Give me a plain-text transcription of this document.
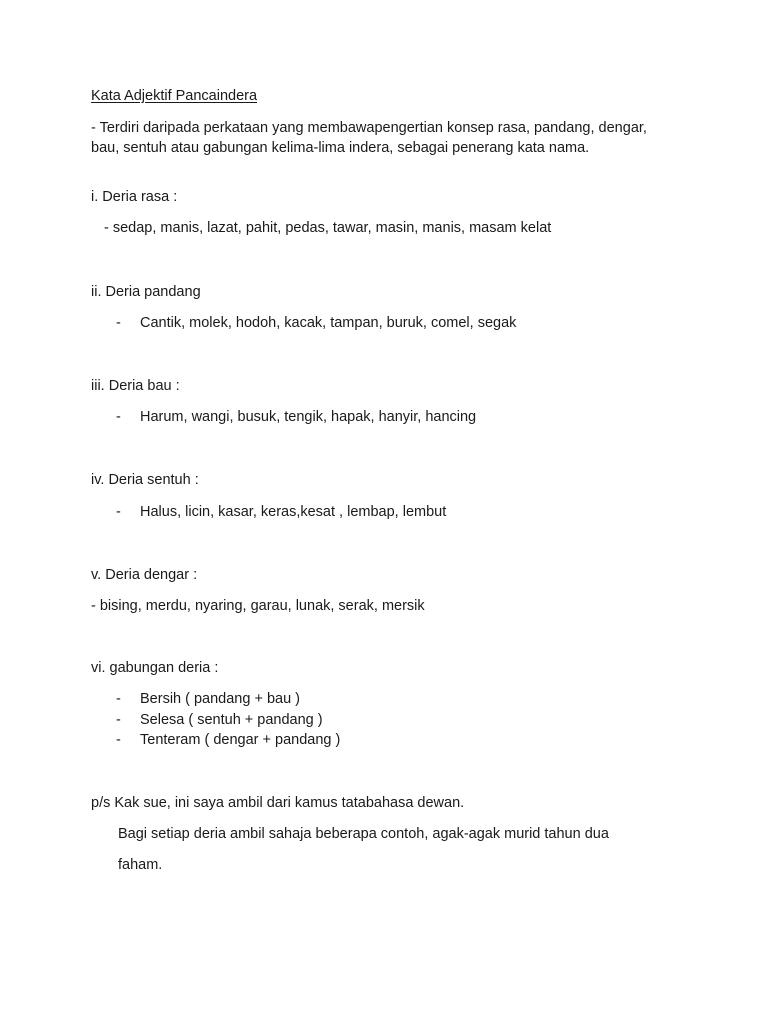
Kata Adjektif Pancaindera
- Terdiri daripada perkataan yang membawapengertian konsep rasa, pandang, dengar, bau, sentuh atau gabungan kelima-lima indera, sebagai penerang kata nama.
i. Deria rasa :
- sedap, manis, lazat, pahit, pedas, tawar, masin, manis, masam kelat
ii. Deria pandang
- Cantik, molek, hodoh, kacak, tampan, buruk, comel, segak
iii. Deria bau :
- Harum, wangi, busuk, tengik, hapak, hanyir, hancing
iv. Deria sentuh :
- Halus, licin, kasar, keras,kesat , lembap, lembut
v. Deria dengar :
- bising, merdu, nyaring, garau, lunak, serak, mersik
vi. gabungan deria :
- Bersih ( pandang + bau )
- Selesa ( sentuh + pandang )
- Tenteram ( dengar + pandang )
p/s Kak sue, ini saya ambil dari kamus tatabahasa dewan.
Bagi setiap deria ambil sahaja beberapa contoh, agak-agak murid tahun dua
faham.
